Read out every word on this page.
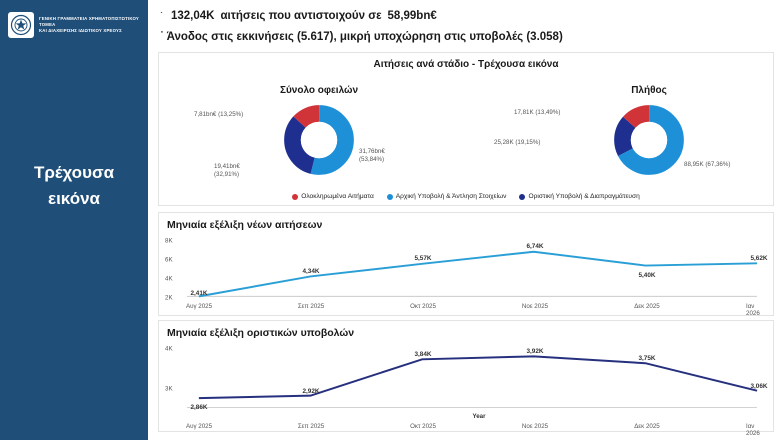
ΓΕΝΙΚΗ ΓΡΑΜΜΑΤΕΙΑ ΧΡΗΜΑΤΟΠΙΣΤΩΤΙΚΟΥ ΤΟΜΕΑ
ΚΑΙ ΔΙΑΧΕΙΡΙΣΗΣ ΙΔΙΩΤΙΚΟΥ ΧΡΕΟΥΣ
Τρέχουσα
εικόνα
˙ 132,04K αιτήσεις που αντιστοιχούν σε 58,99bn€
˙ Άνοδος στις εκκινήσεις (5.617), μικρή υποχώρηση στις υποβολές (3.058)
Αιτήσεις ανά στάδιο - Τρέχουσα εικόνα
Σύνολο οφειλών
58,99bn€
7,81bn€ (13,25%)
31,76bn€
(53,84%)
19,41bn€
(32,91%)
Πλήθος
132,04K
17,81K (13,49%)
25,28K (19,15%)
88,95K (67,36%)
Ολοκληρωμένα Αιτήματα	Αρχική Υποβολή & Άντληση Στοιχείων	Οριστική Υποβολή & Διαπραγμάτευση
Μηνιαία εξέλιξη νέων αιτήσεων
8K
6K
4K
2K
2,41K
4,34K
5,57K
6,74K
5,40K
5,62K
Αυγ 2025	Σεπ 2025	Οκτ 2025	Νοε 2025	Δεκ 2025	Ιαν 2026
Μηνιαία εξέλιξη οριστικών υποβολών
4K
3K
2,86K
2,92K
3,84K	3,92K
3,75K
3,06K
Year
Αυγ 2025	Σεπ 2025	Οκτ 2025	Νοε 2025	Δεκ 2025	Ιαν 2026
